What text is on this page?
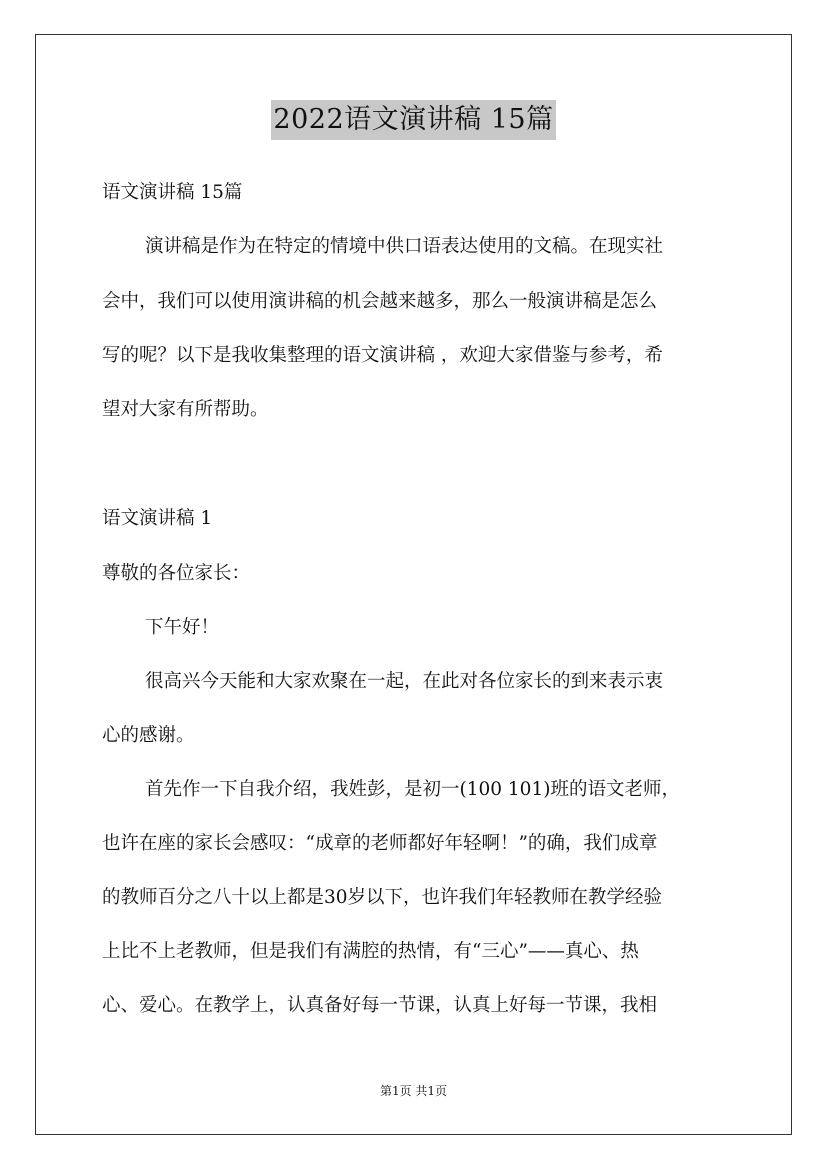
2022语文演讲稿 15篇
语文演讲稿 15篇
演讲稿是作为在特定的情境中供口语表达使用的文稿。在现实社
会中，我们可以使用演讲稿的机会越来越多，那么一般演讲稿是怎么
写的呢？以下是我收集整理的语文演讲稿 ，欢迎大家借鉴与参考，希
望对大家有所帮助。
语文演讲稿 1
尊敬的各位家长：
下午好！
很高兴今天能和大家欢聚在一起，在此对各位家长的到来表示衷
心的感谢。
首先作一下自我介绍，我姓彭，是初一(100 101)班的语文老师，
也许在座的家长会感叹：“成章的老师都好年轻啊！”的确，我们成章
的教师百分之八十以上都是30岁以下，也许我们年轻教师在教学经验
上比不上老教师，但是我们有满腔的热情，有“三心”——真心、热
心、爱心。在教学上，认真备好每一节课，认真上好每一节课，我相
第1页 共1页
